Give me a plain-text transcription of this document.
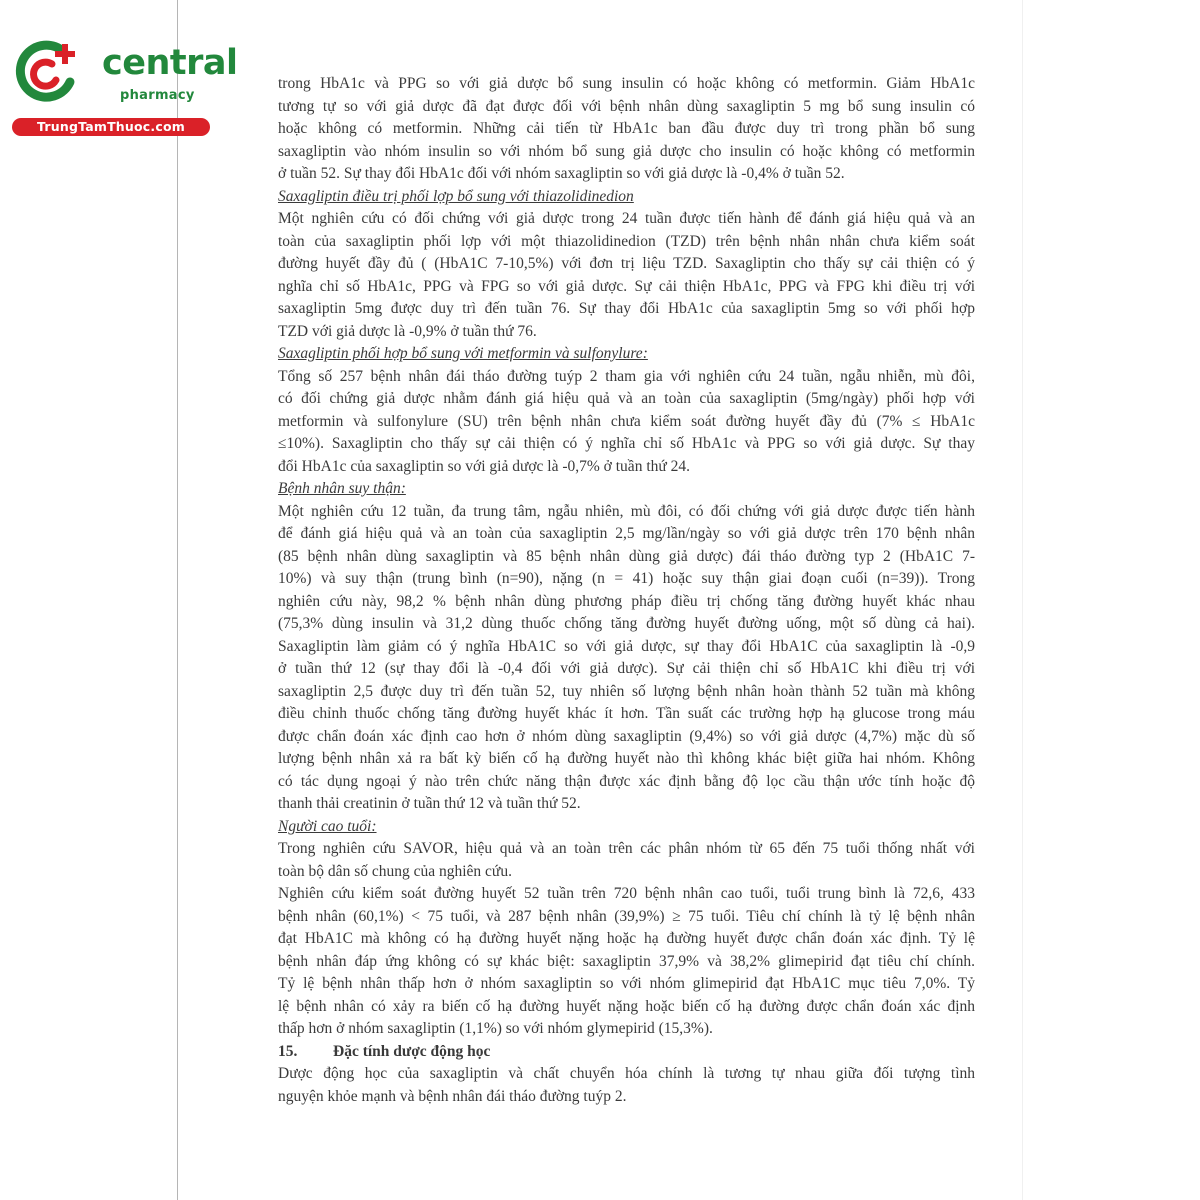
central
pharmacy
TrungTamThuoc.com
trong HbA1c và PPG so với giả dược bổ sung insulin có hoặc không có metformin. Giảm HbA1c
tương tự so với giả dược đã đạt được đối với bệnh nhân dùng saxagliptin 5 mg bổ sung insulin có
hoặc không có metformin. Những cải tiến từ HbA1c ban đầu được duy trì trong phần bổ sung
saxagliptin vào nhóm insulin so với nhóm bổ sung giả dược cho insulin có hoặc không có metformin
ở tuần 52. Sự thay đổi HbA1c đối với nhóm saxagliptin so với giả dược là -0,4% ở tuần 52.
Saxagliptin điều trị phối lợp bổ sung với thiazolidinedion
Một nghiên cứu có đối chứng với giả dược trong 24 tuần được tiến hành để đánh giá hiệu quả và an
toàn của saxagliptin phối lợp với một thiazolidinedion (TZD) trên bệnh nhân nhân chưa kiểm soát
đường huyết đầy đủ ( (HbA1C 7-10,5%) với đơn trị liệu TZD. Saxagliptin cho thấy sự cải thiện có ý
nghĩa chỉ số HbA1c, PPG và FPG so với giả dược. Sự cải thiện HbA1c, PPG và FPG khi điều trị với
saxagliptin 5mg được duy trì đến tuần 76. Sự thay đổi HbA1c của saxagliptin 5mg so với phối hợp
TZD với giả dược là -0,9% ở tuần thứ 76.
Saxagliptin phối hợp bổ sung với metformin và sulfonylure:
Tổng số 257 bệnh nhân đái tháo đường tuýp 2 tham gia với nghiên cứu 24 tuần, ngẫu nhiễn, mù đôi,
có đối chứng giả dược nhằm đánh giá hiệu quả và an toàn của saxagliptin (5mg/ngày) phối hợp với
metformin và sulfonylure (SU) trên bệnh nhân chưa kiểm soát đường huyết đầy đủ (7% ≤ HbA1c
≤10%). Saxagliptin cho thấy sự cải thiện có ý nghĩa chỉ số HbA1c và PPG so với giả dược. Sự thay
đổi HbA1c của saxagliptin so với giả dược là -0,7% ở tuần thứ 24.
Bệnh nhân suy thận:
Một nghiên cứu 12 tuần, đa trung tâm, ngẫu nhiên, mù đôi, có đối chứng với giả dược được tiến hành
để đánh giá hiệu quả và an toàn của saxagliptin 2,5 mg/lần/ngày so với giả dược trên 170 bệnh nhân
(85 bệnh nhân dùng saxagliptin và 85 bệnh nhân dùng giả dược) đái tháo đường typ 2 (HbA1C 7-
10%) và suy thận (trung bình (n=90), nặng (n = 41) hoặc suy thận giai đoạn cuối (n=39)). Trong
nghiên cứu này, 98,2 % bệnh nhân dùng phương pháp điều trị chống tăng đường huyết khác nhau
(75,3% dùng insulin và 31,2 dùng thuốc chống tăng đường huyết đường uống, một số dùng cả hai).
Saxagliptin làm giảm có ý nghĩa HbA1C so với giả dược, sự thay đổi HbA1C của saxagliptin là -0,9
ở tuần thứ 12 (sự thay đổi là -0,4 đối với giả dược). Sự cải thiện chỉ số HbA1C khi điều trị với
saxagliptin 2,5 được duy trì đến tuần 52, tuy nhiên số lượng bệnh nhân hoàn thành 52 tuần mà không
điều chỉnh thuốc chống tăng đường huyết khác ít hơn. Tần suất các trường hợp hạ glucose trong máu
được chẩn đoán xác định cao hơn ở nhóm dùng saxagliptin (9,4%) so với giả dược (4,7%) mặc dù số
lượng bệnh nhân xả ra bất kỳ biến cố hạ đường huyết nào thì không khác biệt giữa hai nhóm. Không
có tác dụng ngoại ý nào trên chức năng thận được xác định bằng độ lọc cầu thận ước tính hoặc độ
thanh thải creatinin ở tuần thứ 12 và tuần thứ 52.
Người cao tuổi:
Trong nghiên cứu SAVOR, hiệu quả và an toàn trên các phân nhóm từ 65 đến 75 tuổi thống nhất với
toàn bộ dân số chung của nghiên cứu.
Nghiên cứu kiểm soát đường huyết 52 tuần trên 720 bệnh nhân cao tuổi, tuổi trung bình là 72,6, 433
bệnh nhân (60,1%) < 75 tuổi, và 287 bệnh nhân (39,9%) ≥ 75 tuổi. Tiêu chí chính là tỷ lệ bệnh nhân
đạt HbA1C mà không có hạ đường huyết nặng hoặc hạ đường huyết được chẩn đoán xác định. Tỷ lệ
bệnh nhân đáp ứng không có sự khác biệt: saxagliptin 37,9% và 38,2% glimepirid đạt tiêu chí chính.
Tỷ lệ bệnh nhân thấp hơn ở nhóm saxagliptin so với nhóm glimepirid đạt HbA1C mục tiêu 7,0%. Tỷ
lệ bệnh nhân có xảy ra biến cố hạ đường huyết nặng hoặc biến cố hạ đường được chẩn đoán xác định
thấp hơn ở nhóm saxagliptin (1,1%) so với nhóm glymepirid (15,3%).
15. Đặc tính dược động học
Dược động học của saxagliptin và chất chuyển hóa chính là tương tự nhau giữa đối tượng tình
nguyện khỏe mạnh và bệnh nhân đái tháo đường tuýp 2.
